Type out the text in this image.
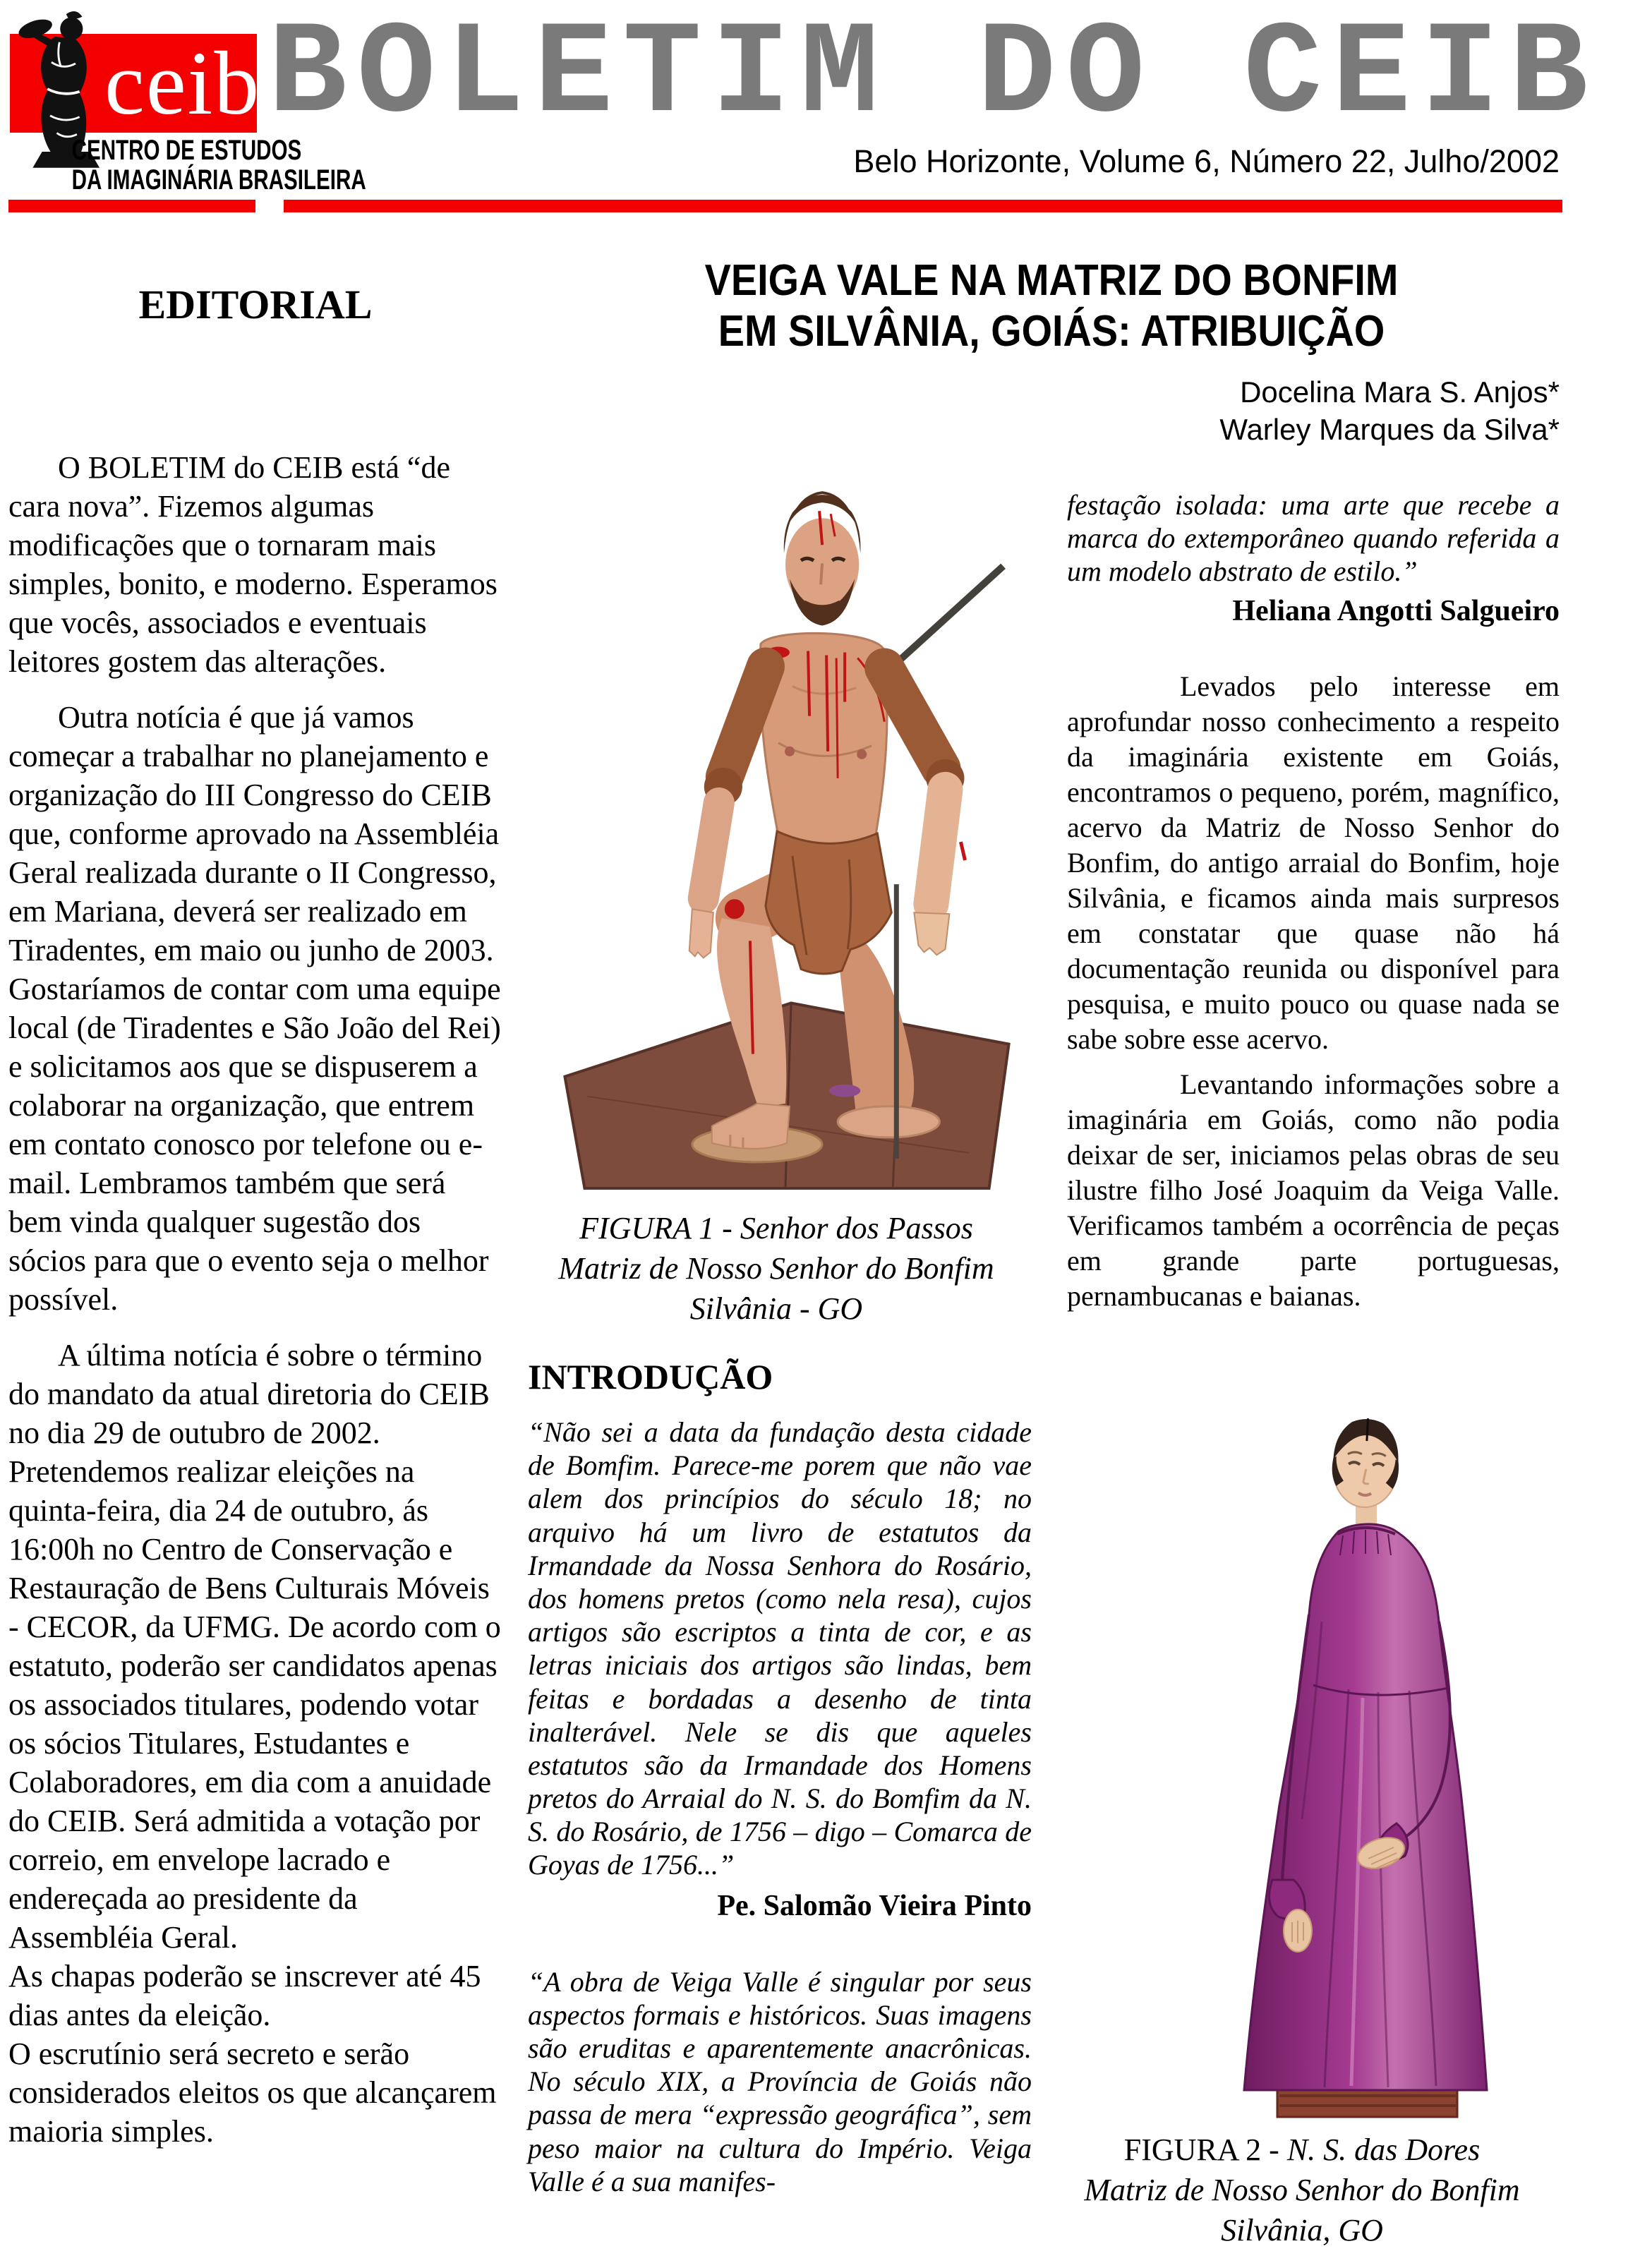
ceib
CENTRO DE ESTUDOS
DA IMAGINÁRIA BRASILEIRA
BOLETIM DO CEIB
Belo Horizonte, Volume 6, Número 22, Julho/2002
EDITORIAL

O BOLETIM do CEIB está “de cara nova”. Fizemos algumas modificações que o tornaram mais simples, bonito, e moderno. Esperamos que vocês, associados e eventuais leitores gostem das alterações.

Outra notícia é que já vamos começar a trabalhar no planejamento e organização do III Congresso do CEIB que, conforme aprovado na Assembléia Geral realizada durante o II Congresso, em Mariana, deverá ser realizado em Tiradentes, em maio ou junho de 2003. Gostaríamos de contar com uma equipe local (de Tiradentes e São João del Rei) e solicitamos aos que se dispuserem a colaborar na organização, que entrem em contato conosco por telefone ou e-mail. Lembramos também que será bem vinda qualquer sugestão dos sócios para que o evento seja o melhor possível.

A última notícia é sobre o término do mandato da atual diretoria do CEIB no dia 29 de outubro de 2002. Pretendemos realizar eleições na quinta-feira, dia 24 de outubro, ás 16:00h no Centro de Conservação e Restauração de Bens Culturais Móveis - CECOR, da UFMG. De acordo com o estatuto, poderão ser candidatos apenas os associados titulares, podendo votar os sócios Titulares, Estudantes e Colaboradores, em dia com a anuidade do CEIB. Será admitida a votação por correio, em envelope lacrado e endereçada ao presidente da Assembléia Geral.

As chapas poderão se inscrever até 45 dias antes da eleição.

O escrutínio será secreto e serão considerados eleitos os que alcançarem maioria simples.

VEIGA VALE NA MATRIZ DO BONFIM
EM SILVÂNIA, GOIÁS: ATRIBUIÇÃO
Docelina Mara S. Anjos*
Warley Marques da Silva*
FIGURA 1 - Senhor dos Passos
Matriz de Nosso Senhor do Bonfim
Silvânia - GO
INTRODUÇÃO

“Não sei a data da fundação desta cidade de Bomfim. Parece-me porem que não vae alem dos princípios do século 18; no arquivo há um livro de estatutos da Irmandade da Nossa Senhora do Rosário, dos homens pretos (como nela resa), cujos artigos são escriptos a tinta de cor, e as letras iniciais dos artigos são lindas, bem feitas e bordadas a desenho de tinta inalterável. Nele se dis que aqueles estatutos são da Irmandade dos Homens pretos do Arraial do N. S. do Bomfim da N. S. do Rosário, de 1756 – digo – Comarca de Goyas de 1756...”

Pe. Salomão Vieira Pinto

“A obra de Veiga Valle é singular por seus aspectos formais e históricos. Suas imagens são eruditas e aparentemente anacrônicas. No século XIX, a Província de Goiás não passa de mera “expressão geográfica”, sem peso maior na cultura do Império. Veiga Valle é a sua manifes-

festação isolada: uma arte que recebe a marca do extemporâneo quando referida a um modelo abstrato de estilo.”

Heliana Angotti Salgueiro

Levados pelo interesse em aprofundar nosso conhecimento a respeito da imaginária existente em Goiás, encontramos o pequeno, porém, magnífico, acervo da Matriz de Nosso Senhor do Bonfim, do antigo arraial do Bonfim, hoje Silvânia, e ficamos ainda mais surpresos em constatar que quase não há documentação reunida ou disponível para pesquisa, e muito pouco ou quase nada se sabe sobre esse acervo.

Levantando informações sobre a imaginária em Goiás, como não podia deixar de ser, iniciamos pelas obras de seu ilustre filho José Joaquim da Veiga Valle. Verificamos também a ocorrência de peças em grande parte portuguesas, pernambucanas e baianas.

FIGURA 2 - N. S. das Dores
Matriz de Nosso Senhor do Bonfim
Silvânia, GO
